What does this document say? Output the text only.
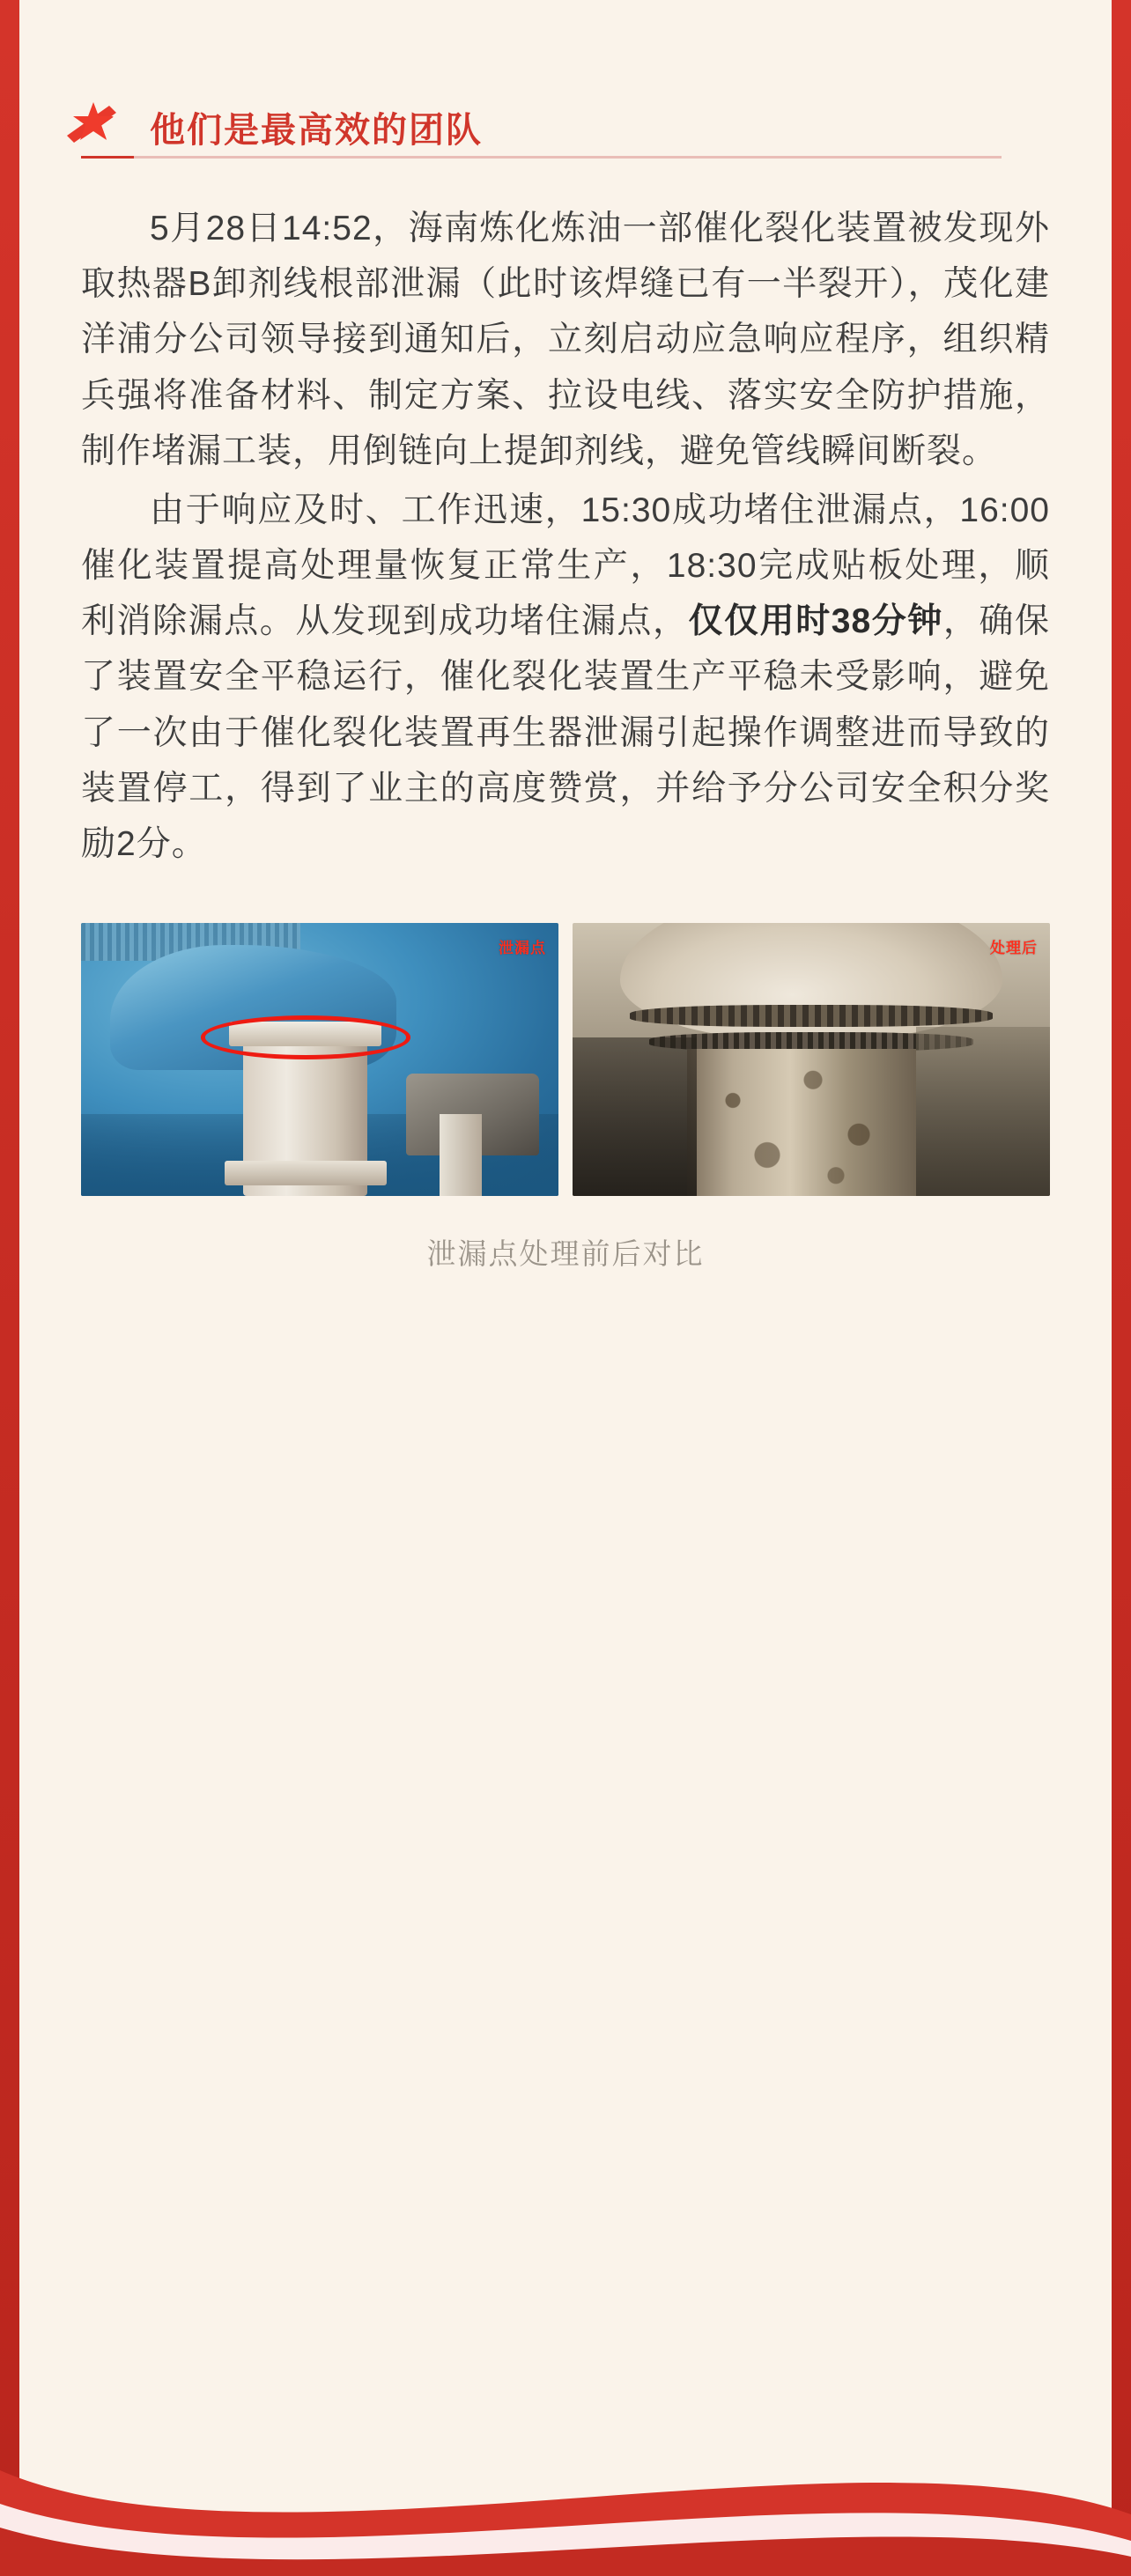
他们是最高效的团队

5月28日14:52，海南炼化炼油一部催化裂化装置被发现外取热器B卸剂线根部泄漏（此时该焊缝已有一半裂开），茂化建洋浦分公司领导接到通知后，立刻启动应急响应程序，组织精兵强将准备材料、制定方案、拉设电线、落实安全防护措施，制作堵漏工装，用倒链向上提卸剂线，避免管线瞬间断裂。

由于响应及时、工作迅速，15:30成功堵住泄漏点，16:00催化装置提高处理量恢复正常生产，18:30完成贴板处理，顺利消除漏点。从发现到成功堵住漏点，仅仅用时38分钟，确保了装置安全平稳运行，催化裂化装置生产平稳未受影响，避免了一次由于催化裂化装置再生器泄漏引起操作调整进而导致的装置停工，得到了业主的高度赞赏，并给予分公司安全积分奖励2分。

泄漏点	处理后
泄漏点处理前后对比
